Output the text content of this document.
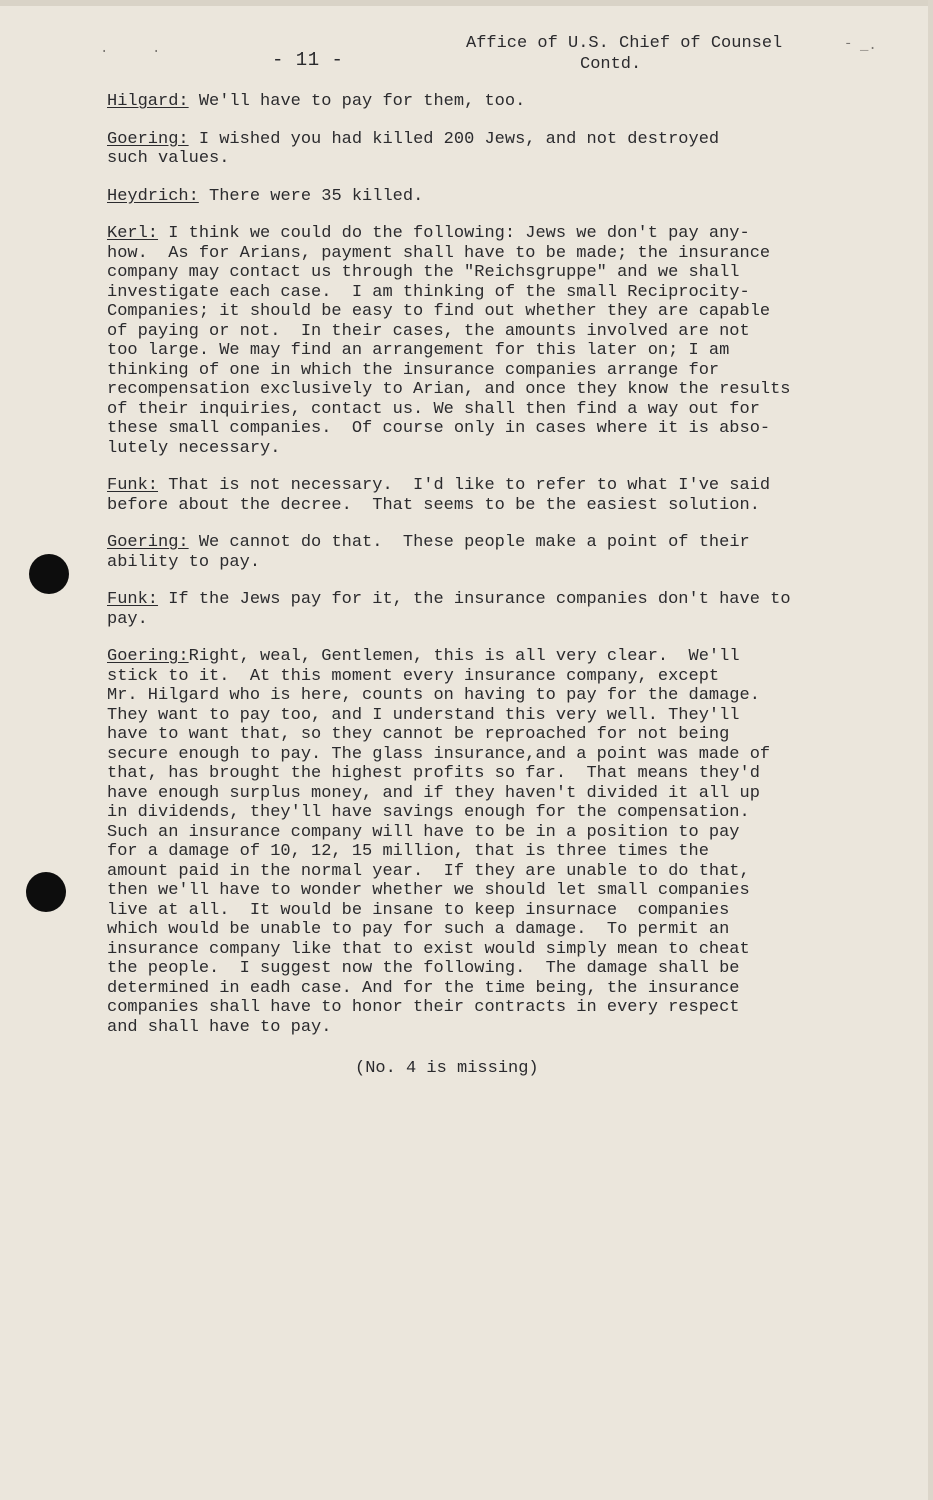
- 11 -
Affice of U.S. Chief of Counsel
Contd.
·	·	- _.
Hilgard: We'll have to pay for them, too.
Goering: I wished you had killed 200 Jews, and not destroyed
such values.
Heydrich: There were 35 killed.
Kerl: I think we could do the following: Jews we don't pay any-
how.  As for Arians, payment shall have to be made; the insurance
company may contact us through the "Reichsgruppe" and we shall
investigate each case.  I am thinking of the small Reciprocity-
Companies; it should be easy to find out whether they are capable
of paying or not.  In their cases, the amounts involved are not
too large. We may find an arrangement for this later on; I am
thinking of one in which the insurance companies arrange for
recompensation exclusively to Arian, and once they know the results
of their inquiries, contact us. We shall then find a way out for
these small companies.  Of course only in cases where it is abso-
lutely necessary.
Funk: That is not necessary.  I'd like to refer to what I've said
before about the decree.  That seems to be the easiest solution.
Goering: We cannot do that.  These people make a point of their
ability to pay.
Funk: If the Jews pay for it, the insurance companies don't have to
pay.
Goering:Right, weal, Gentlemen, this is all very clear.  We'll
stick to it.  At this moment every insurance company, except
Mr. Hilgard who is here, counts on having to pay for the damage.
They want to pay too, and I understand this very well. They'll
have to want that, so they cannot be reproached for not being
secure enough to pay. The glass insurance,and a point was made of
that, has brought the highest profits so far.  That means they'd
have enough surplus money, and if they haven't divided it all up
in dividends, they'll have savings enough for the compensation.
Such an insurance company will have to be in a position to pay
for a damage of 10, 12, 15 million, that is three times the
amount paid in the normal year.  If they are unable to do that,
then we'll have to wonder whether we should let small companies
live at all.  It would be insane to keep insurnace  companies
which would be unable to pay for such a damage.  To permit an
insurance company like that to exist would simply mean to cheat
the people.  I suggest now the following.  The damage shall be
determined in eadh case. And for the time being, the insurance
companies shall have to honor their contracts in every respect
and shall have to pay.
(No. 4 is missing)
